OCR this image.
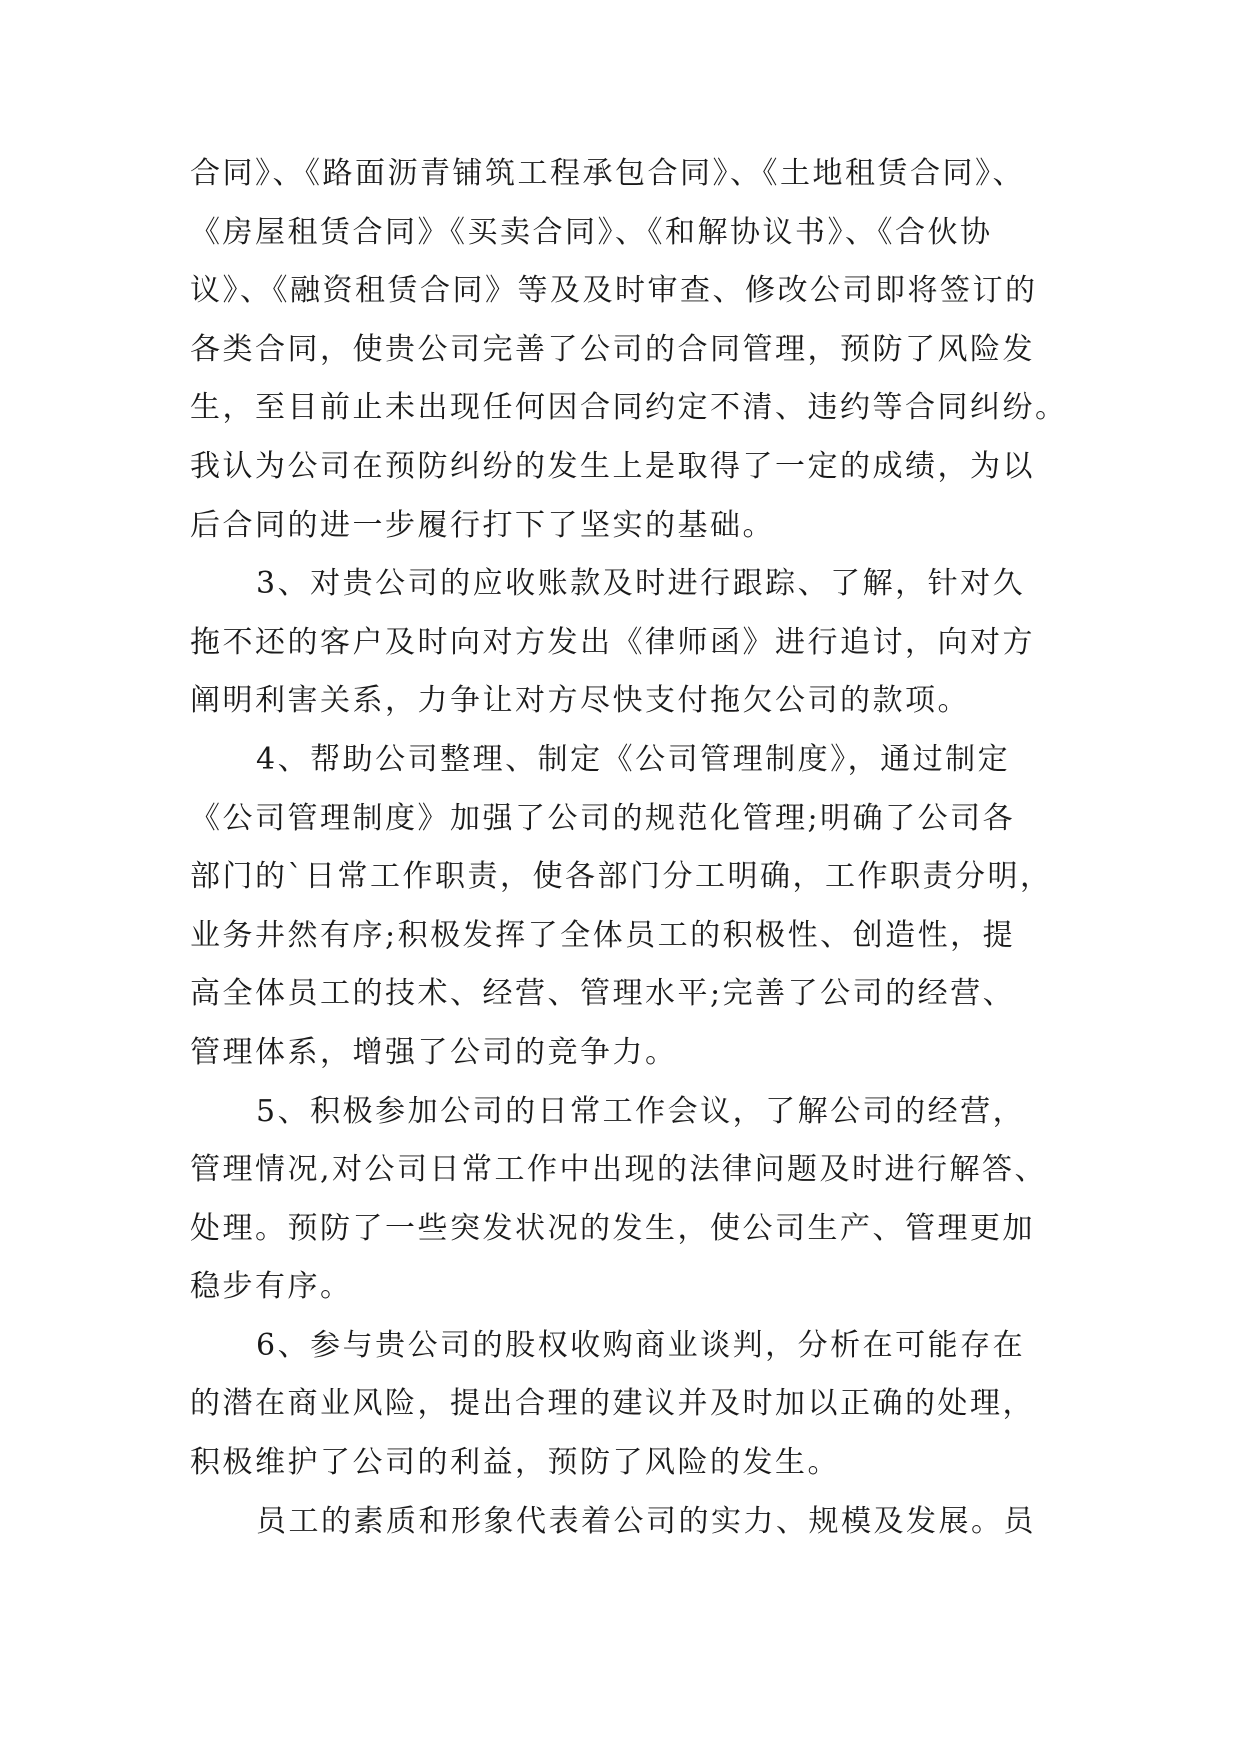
合同》、《路面沥青铺筑工程承包合同》、《土地租赁合同》、
《房屋租赁合同》《买卖合同》、《和解协议书》、《合伙协
议》、《融资租赁合同》等及及时审查、修改公司即将签订的
各类合同，使贵公司完善了公司的合同管理，预防了风险发
生，至目前止未出现任何因合同约定不清、违约等合同纠纷。
我认为公司在预防纠纷的发生上是取得了一定的成绩，为以
后合同的进一步履行打下了坚实的基础。
3、对贵公司的应收账款及时进行跟踪、了解，针对久
拖不还的客户及时向对方发出《律师函》进行追讨，向对方
阐明利害关系，力争让对方尽快支付拖欠公司的款项。
4、帮助公司整理、制定《公司管理制度》，通过制定
《公司管理制度》加强了公司的规范化管理;明确了公司各
部门的`日常工作职责，使各部门分工明确，工作职责分明，
业务井然有序;积极发挥了全体员工的积极性、创造性，提
高全体员工的技术、经营、管理水平;完善了公司的经营、
管理体系，增强了公司的竞争力。
5、积极参加公司的日常工作会议，了解公司的经营，
管理情况,对公司日常工作中出现的法律问题及时进行解答、
处理。预防了一些突发状况的发生，使公司生产、管理更加
稳步有序。
6、参与贵公司的股权收购商业谈判，分析在可能存在
的潜在商业风险，提出合理的建议并及时加以正确的处理，
积极维护了公司的利益，预防了风险的发生。
员工的素质和形象代表着公司的实力、规模及发展。员
